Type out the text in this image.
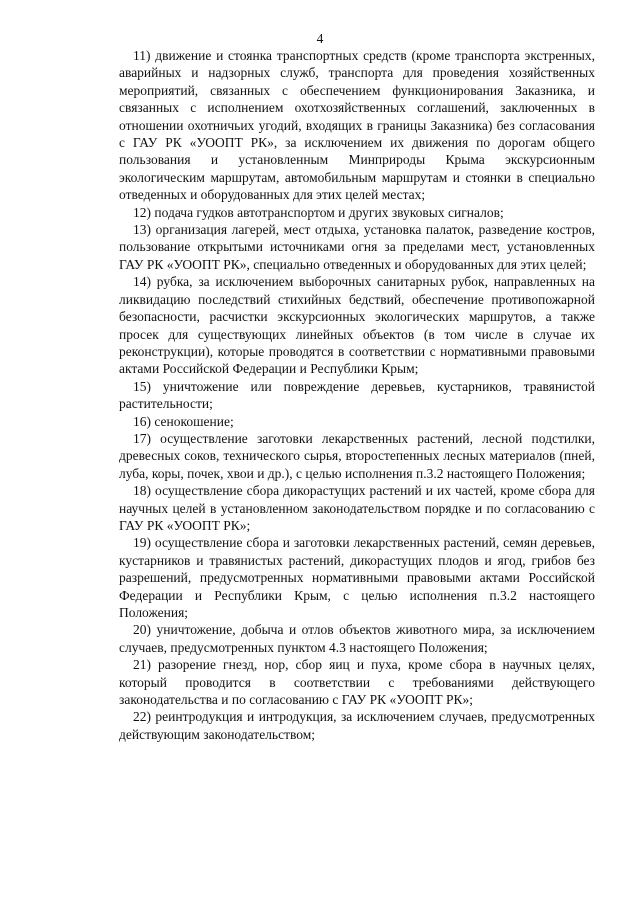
4

11) движение и стоянка транспортных средств (кроме транспорта экстренных, аварийных и надзорных служб, транспорта для проведения хозяйственных мероприятий, связанных с обеспечением функционирования Заказника, и связанных с исполнением охотхозяйственных соглашений, заключенных в отношении охотничьих угодий, входящих в границы Заказника) без согласования с ГАУ РК «УООПТ РК», за исключением их движения по дорогам общего пользования и установленным Минприроды Крыма экскурсионным экологическим маршрутам, автомобильным маршрутам и стоянки в специально отведенных и оборудованных для этих целей местах;

12) подача гудков автотранспортом и других звуковых сигналов;

13) организация лагерей, мест отдыха, установка палаток, разведение костров, пользование открытыми источниками огня за пределами мест, установленных ГАУ РК «УООПТ РК», специально отведенных и оборудованных для этих целей;

14) рубка, за исключением выборочных санитарных рубок, направленных на ликвидацию последствий стихийных бедствий, обеспечение противопожарной безопасности, расчистки экскурсионных экологических маршрутов, а также просек для существующих линейных объектов (в том числе в случае их реконструкции), которые проводятся в соответствии с нормативными правовыми актами Российской Федерации и Республики Крым;

15) уничтожение или повреждение деревьев, кустарников, травянистой растительности;

16) сенокошение;

17) осуществление заготовки лекарственных растений, лесной подстилки, древесных соков, технического сырья, второстепенных лесных материалов (пней, луба, коры, почек, хвои и др.), с целью исполнения п.3.2 настоящего Положения;

18) осуществление сбора дикорастущих растений и их частей, кроме сбора для научных целей в установленном законодательством порядке и по согласованию с ГАУ РК «УООПТ РК»;

19) осуществление сбора и заготовки лекарственных растений, семян деревьев, кустарников и травянистых растений, дикорастущих плодов и ягод, грибов без разрешений, предусмотренных нормативными правовыми актами Российской Федерации и Республики Крым, с целью исполнения п.3.2 настоящего Положения;

20) уничтожение, добыча и отлов объектов животного мира, за исключением случаев, предусмотренных пунктом 4.3 настоящего Положения;

21) разорение гнезд, нор, сбор яиц и пуха, кроме сбора в научных целях, который проводится в соответствии с требованиями действующего законодательства и по согласованию с ГАУ РК «УООПТ РК»;

22) реинтродукция и интродукция, за исключением случаев, предусмотренных действующим законодательством;
